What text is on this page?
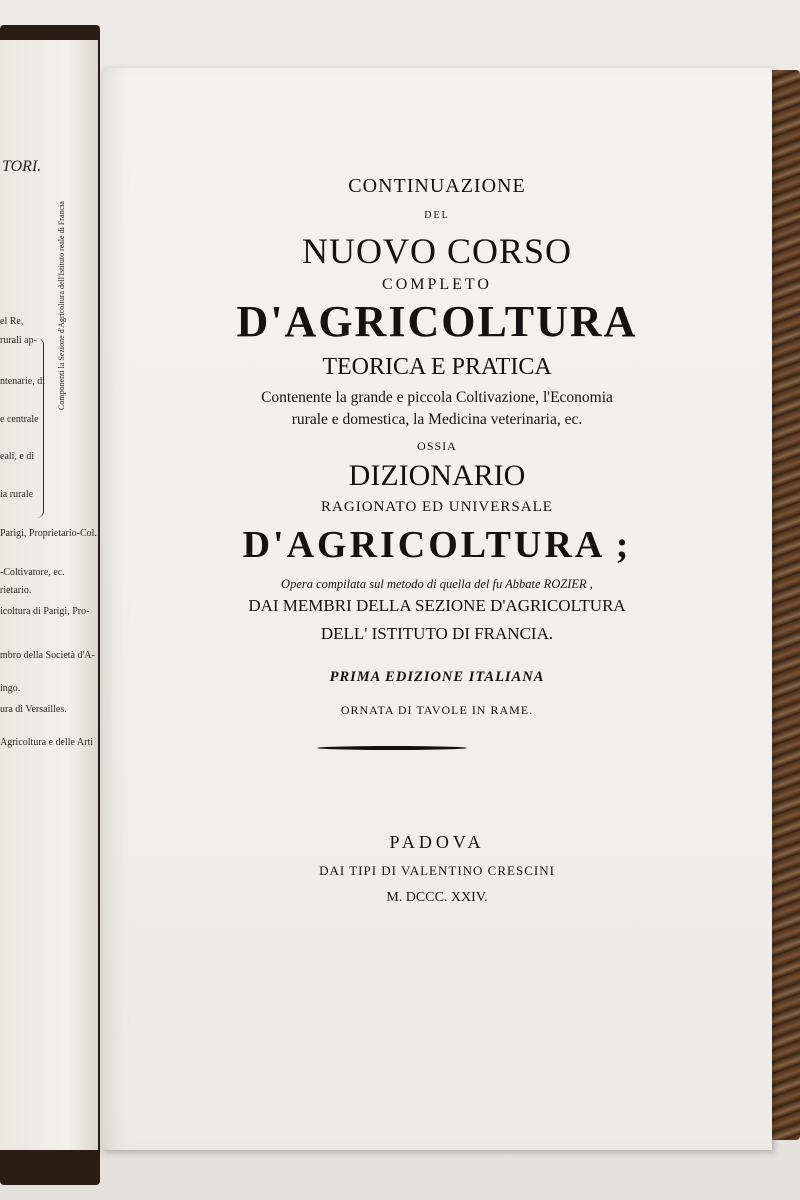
TORI.
el Re,
rurali ap-
ntenarie, di
e centrale
eali, e di
ia rurale
Parigi, Proprietario-Col.
-Coltivatore, ec.
rietario.
icoltura di Parigi, Pro-
mbro della Società d'A-
ingo.
ura di Versailles.
Agricoltura e delle Arti
Componenti la Sezione d'Agricoltura dell'Istituto reale di Francia
CONTINUAZIONE
DEL
NUOVO CORSO
COMPLETO
D'AGRICOLTURA
TEORICA E PRATICA
Contenente la grande e piccola Coltivazione, l'Economia
rurale e domestica, la Medicina veterinaria, ec.
OSSIA
DIZIONARIO
RAGIONATO ED UNIVERSALE
D'AGRICOLTURA ;
Opera compilata sul metodo di quella del fu Abbate ROZIER ,
DAI MEMBRI DELLA SEZIONE D'AGRICOLTURA
DELL' ISTITUTO DI FRANCIA.
PRIMA EDIZIONE ITALIANA
ORNATA DI TAVOLE IN RAME.
PADOVA
DAI TIPI DI VALENTINO CRESCINI
M. DCCC. XXIV.
